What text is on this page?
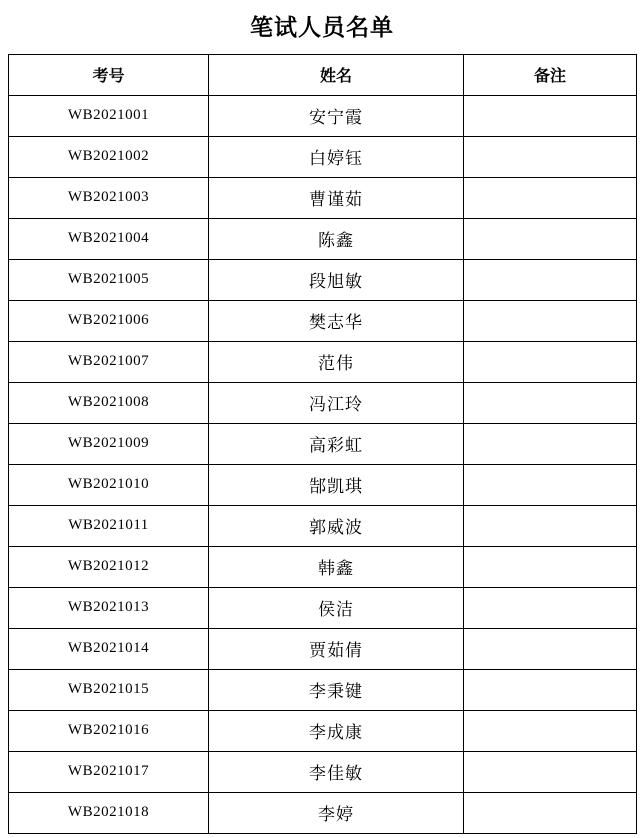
笔试人员名单
考号	姓名	备注
WB2021001	安宁霞	
WB2021002	白婷钰	
WB2021003	曹谨茹	
WB2021004	陈鑫	
WB2021005	段旭敏	
WB2021006	樊志华	
WB2021007	范伟	
WB2021008	冯江玲	
WB2021009	高彩虹	
WB2021010	郜凯琪	
WB2021011	郭威波	
WB2021012	韩鑫	
WB2021013	侯洁	
WB2021014	贾茹倩	
WB2021015	李秉键	
WB2021016	李成康	
WB2021017	李佳敏	
WB2021018	李婷	
